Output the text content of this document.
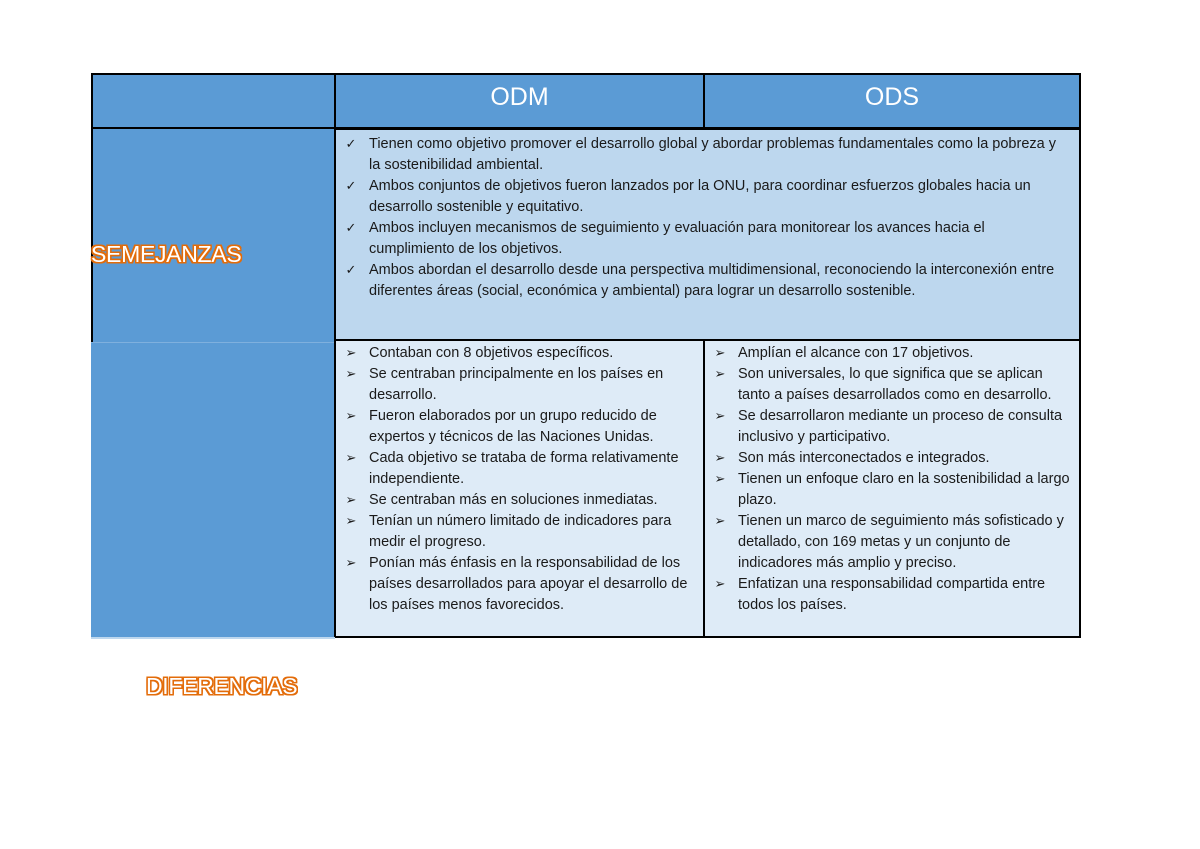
SEMEJANZAS
DIFERENCIAS
ODM	ODS
✓ Tienen como objetivo promover el desarrollo global y abordar problemas fundamentales como la pobreza y la sostenibilidad ambiental.
✓ Ambos conjuntos de objetivos fueron lanzados por la ONU, para coordinar esfuerzos globales hacia un desarrollo sostenible y equitativo.
✓ Ambos incluyen mecanismos de seguimiento y evaluación para monitorear los avances hacia el cumplimiento de los objetivos.
✓ Ambos abordan el desarrollo desde una perspectiva multidimensional, reconociendo la interconexión entre diferentes áreas (social, económica y ambiental) para lograr un desarrollo sostenible.
➢ Contaban con 8 objetivos específicos.
➢ Se centraban principalmente en los países en desarrollo.
➢ Fueron elaborados por un grupo reducido de expertos y técnicos de las Naciones Unidas.
➢ Cada objetivo se trataba de forma relativamente independiente.
➢ Se centraban más en soluciones inmediatas.
➢ Tenían un número limitado de indicadores para medir el progreso.
➢ Ponían más énfasis en la responsabilidad de los países desarrollados para apoyar el desarrollo de los países menos favorecidos.
➢ Amplían el alcance con 17 objetivos.
➢ Son universales, lo que significa que se aplican tanto a países desarrollados como en desarrollo.
➢ Se desarrollaron mediante un proceso de consulta inclusivo y participativo.
➢ Son más interconectados e integrados.
➢ Tienen un enfoque claro en la sostenibilidad a largo plazo.
➢ Tienen un marco de seguimiento más sofisticado y detallado, con 169 metas y un conjunto de indicadores más amplio y preciso.
➢ Enfatizan una responsabilidad compartida entre todos los países.
